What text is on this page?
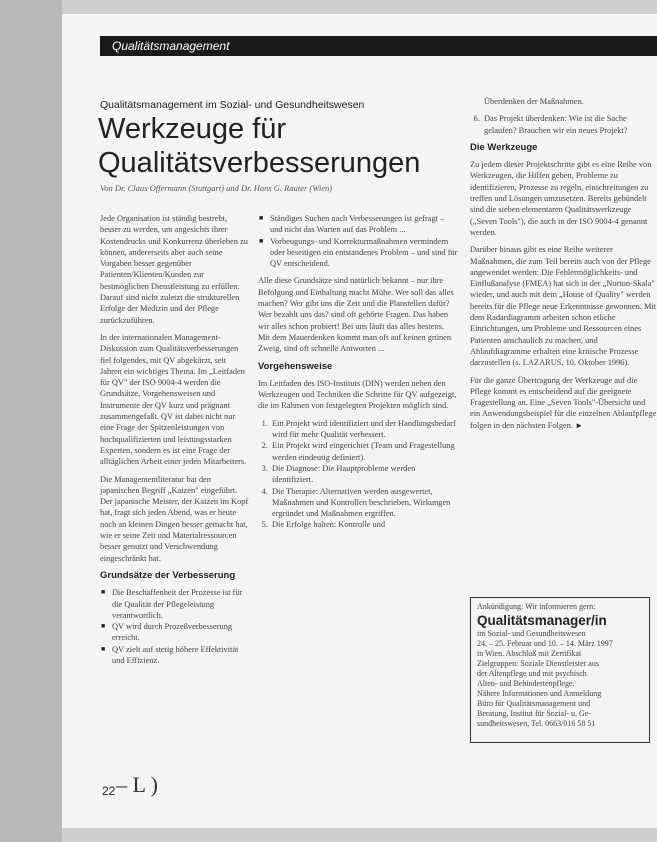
Qualitätsmanagement
Qualitätsmanagement im Sozial- und Gesundheitswesen
Werkzeuge für Qualitätsverbesserungen
Von Dr. Claus Offermann (Stuttgart) und Dr. Hans G. Rauter (Wien)

Jede Organisation ist ständig bestrebt, besser zu werden, um angesichts ihrer Kostendrucks und Konkurrenz überleben zu können, andererseits aber auch seine Vorgaben besser gegenüber Patienten/Klienten/Kunden zur bestmöglichen Dienstleistung zu erfüllen. Darauf sind nicht zuletzt die strukturellen Erfolge der Medizin und der Pflege zurückzuführen.

In der internationalen Management-Diskussion zum Qualitätsverbesserungen fiel folgendes, mit QV abgekürzt, seit Jahren ein wichtiges Thema. Im „Leitfaden für QV" der ISO 9004-4 werden die Grundsätze, Vorgehensweisen und Instrumente der QV kurz und prägnant zusammengefaßt. QV ist dabei nicht nur eine Frage der Spitzenleistungen von hochqualifizierten und leistungsstarken Experten, sondern es ist eine Frage der alltäglichen Arbeit einer jeden Mitarbeiters.

Die Managementliteratur hat den japanischen Begriff „Kaizen" eingeführt. Der japanische Meister, der Kaizen im Kopf hat, fragt sich jeden Abend, was er heute noch an kleinen Dingen besser gemacht hat, wie er seine Zeit und Materialressourcen besser genutzt und Verschwendung eingeschränkt hat.

Grundsätze der Verbesserung
■ Die Beschaffenheit der Prozesse ist für die Qualität der Pflegeleistung verantwortlich.
■ QV wird durch Prozeßverbesserung erreicht.
■ QV zielt auf stetig höhere Effektivität und Effizienz.
■ Ständiges Suchen nach Verbesserungen ist gefragt – und nicht das Warten auf das Problem ...
■ Vorbeugungs- und Korrekturmaßnahmen vermindern oder beseitigen ein entstandenes Problem – und sind für QV entscheidend.

Alle diese Grundsätze sind natürlich bekannt – nur ihre Befolgung und Einhaltung macht Mühe. Wer soll das alles machen? Wer gibt uns die Zeit und die Planstellen dafür? Wer bezahlt uns das? sind oft gehörte Fragen. Das haben wir alles schon probiert! Bei uns läuft das alles bestens. Mit dem Mauerdenken kommt man oft auf keinen grünen Zweig, sind oft schnelle Antworten ...

Vorgehensweise

Im Leitfaden des ISO-Instituts (DIN) werden neben den Werkzeugen und Techniken die Schritte für QV aufgezeigt, die im Rahmen von festgelegten Projekten möglich sind.

1. Ein Projekt wird identifiziert und der Handlungsbedarf wird für mehr Qualität verbessert.
2. Ein Projekt wird eingerichtet (Team und Fragestellung werden eindeutig definiert).
3. Die Diagnose: Die Hauptprobleme werden identifiziert.
4. Die Therapie: Alternativen werden ausgewertet, Maßnahmen und Kontrollen beschrieben, Wirkungen ergründet und Maßnahmen ergriffen.
5. Die Erfolge halten: Kontrolle und

Überdenken der Maßnahmen.

6. Das Projekt überdenken: Wie ist die Sache gelaufen? Brauchen wir ein neues Projekt?
Die Werkzeuge

Zu jedem dieser Projektschritte gibt es eine Reihe von Werkzeugen, die Hilfen geben, Probleme zu identifizieren, Prozesse zu regeln, einschreitungen zu treffen und Lösungen umzusetzen. Bereits gebündelt sind die sieben elementaren Qualitätswerkzeuge („Seven Tools"), die auch in der ISO 9004-4 genannt werden.

Darüber hinaus gibt es eine Reihe weiterer Maßnahmen, die zum Teil bereits auch von der Pflege angewendet werden: Die Fehlermöglichkeits- und Einflußanalyse (FMEA) hat sich in der „Norton-Skala" wieder, und auch mit dem „House of Quality" werden bereits für die Pflege neue Erkenntnisse gewonnen. Mit dem Radardiagramm arbeiten schon etliche Einrichtungen, um Probleme und Ressourcen eines Patienten anschaulich zu machen, und Ablaufdiagramme erhalten eine kritische Prozesse darzustellen (s. LAZARUS, 10. Oktober 1996).

Für die ganze Übertragung der Werkzeuge auf die Pflege kommt es entscheidend auf die geeignete Fragestellung an. Eine „Seven Tools"-Übersicht und ein Anwendungsbeispiel für die einzelnen Ablaufpflege folgen in den nächsten Folgen. ►

Ankündigung: Wir informieren gern:
Qualitätsmanager/in
im Sozial- und Gesundheitswesen
24. – 25. Februar und 10. – 14. März 1997
in Wien. Abschluß mit Zertifikat
Zielgruppen: Soziale Dienstleister aus
der Altenpflege und mit psychisch
Alten- und Behindertenpflege.
Nähere Informationen und Anmeldung
Büro für Qualitätsmanagement und
Beratung, Institut für Sozial- u. Ge-
sundheitswesen, Tel. 0663/016 58 51
22 – L )
